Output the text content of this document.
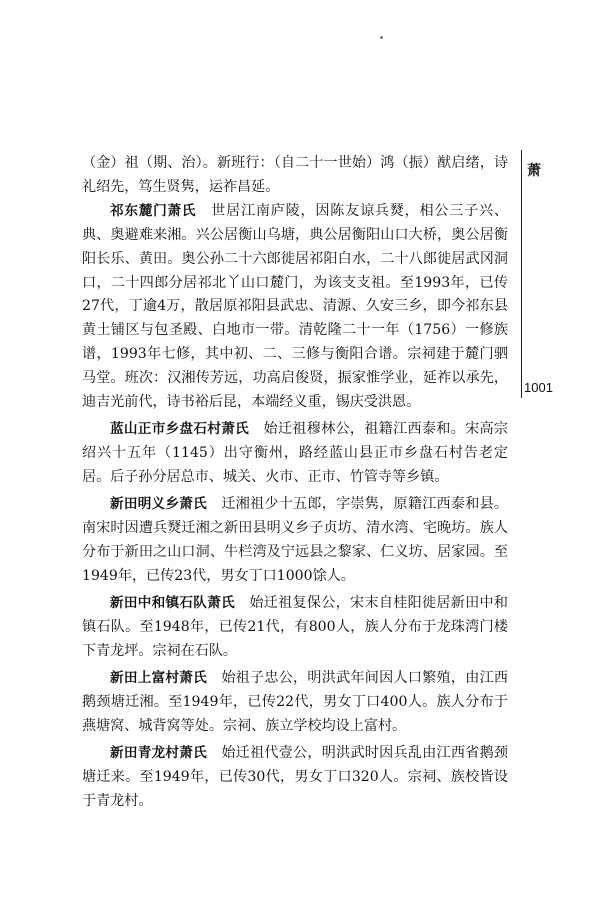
（金）祖（期、治）。新班行：（自二十一世始）鸿（振）猷启绪，诗礼绍先，笃生贤隽，运祚昌延。

祁东麓门萧氏　 世居江南庐陵，因陈友谅兵燹，相公三子兴、典、奥避难来湘。兴公居衡山乌塘，典公居衡阳山口大桥，奥公居衡阳长乐、黄田。奥公孙二十六郎徙居祁阳白水，二十八郎徙居武冈洞口，二十四郎分居祁北丫山口麓门，为该支支祖。至1993年，已传27代，丁逾4万，散居原祁阳县武忠、清源、久安三乡，即今祁东县黄土铺区与包圣殿、白地市一带。清乾隆二十一年（1756）一修族谱，1993年七修，其中初、二、三修与衡阳合谱。宗祠建于麓门驷马堂。班次：汉湘传芳远，功高启俊贤，振家惟学业，延祚以承先，迪吉光前代，诗书裕后昆，本端经义重，锡庆受洪恩。

蓝山正市乡盘石村萧氏　 始迁祖穆林公，祖籍江西泰和。宋高宗绍兴十五年（1145）出守衡州，路经蓝山县正市乡盘石村告老定居。后子孙分居总市、城关、火市、正市、竹管寺等乡镇。

新田明义乡萧氏　 迁湘祖少十五郎，字崇隽，原籍江西泰和县。南宋时因遭兵燹迁湘之新田县明义乡子贞坊、清水湾、宅晚坊。族人分布于新田之山口洞、牛栏湾及宁远县之黎家、仁义坊、居家园。至1949年，已传23代，男女丁口1000馀人。

新田中和镇石队萧氏　 始迁祖复保公，宋末自桂阳徙居新田中和镇石队。至1948年，已传21代，有800人，族人分布于龙珠湾门楼下青龙坪。宗祠在石队。

新田上富村萧氏　 始祖子忠公，明洪武年间因人口繁殖，由江西鹅颈塘迁湘。至1949年，已传22代，男女丁口400人。族人分布于燕塘窝、城背窝等处。宗祠、族立学校均设上富村。

新田青龙村萧氏　 始迁祖代壹公，明洪武时因兵乱由江西省鹅颈塘迁来。至1949年，已传30代，男女丁口320人。宗祠、族校皆设于青龙村。

萧
1001
